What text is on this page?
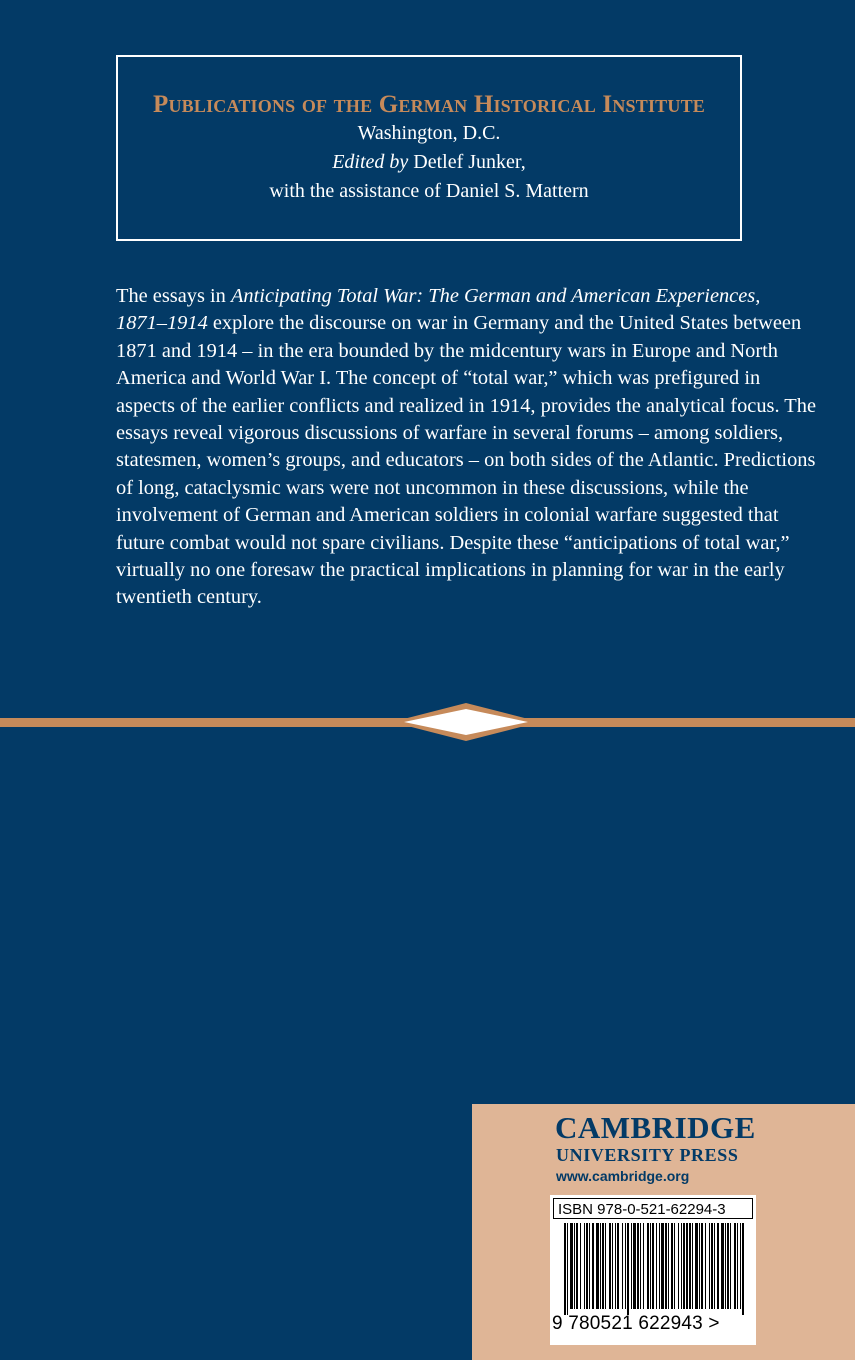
Publications of the German Historical Institute
Washington, D.C.
Edited by Detlef Junker,
with the assistance of Daniel S. Mattern
The essays in Anticipating Total War: The German and American Experiences, 1871–1914 explore the discourse on war in Germany and the United States between 1871 and 1914 – in the era bounded by the midcentury wars in Europe and North America and World War I. The concept of “total war,” which was prefigured in aspects of the earlier conflicts and realized in 1914, provides the analytical focus. The essays reveal vigorous discussions of warfare in several forums – among soldiers, statesmen, women’s groups, and educators – on both sides of the Atlantic. Predictions of long, cataclysmic wars were not uncommon in these discussions, while the involvement of German and American soldiers in colonial warfare suggested that future combat would not spare civilians. Despite these “anticipations of total war,” virtually no one foresaw the practical implications in planning for war in the early twentieth century.
CAMBRIDGE
UNIVERSITY PRESS
www.cambridge.org
ISBN 978-0-521-62294-3
9 780521 622943 >
